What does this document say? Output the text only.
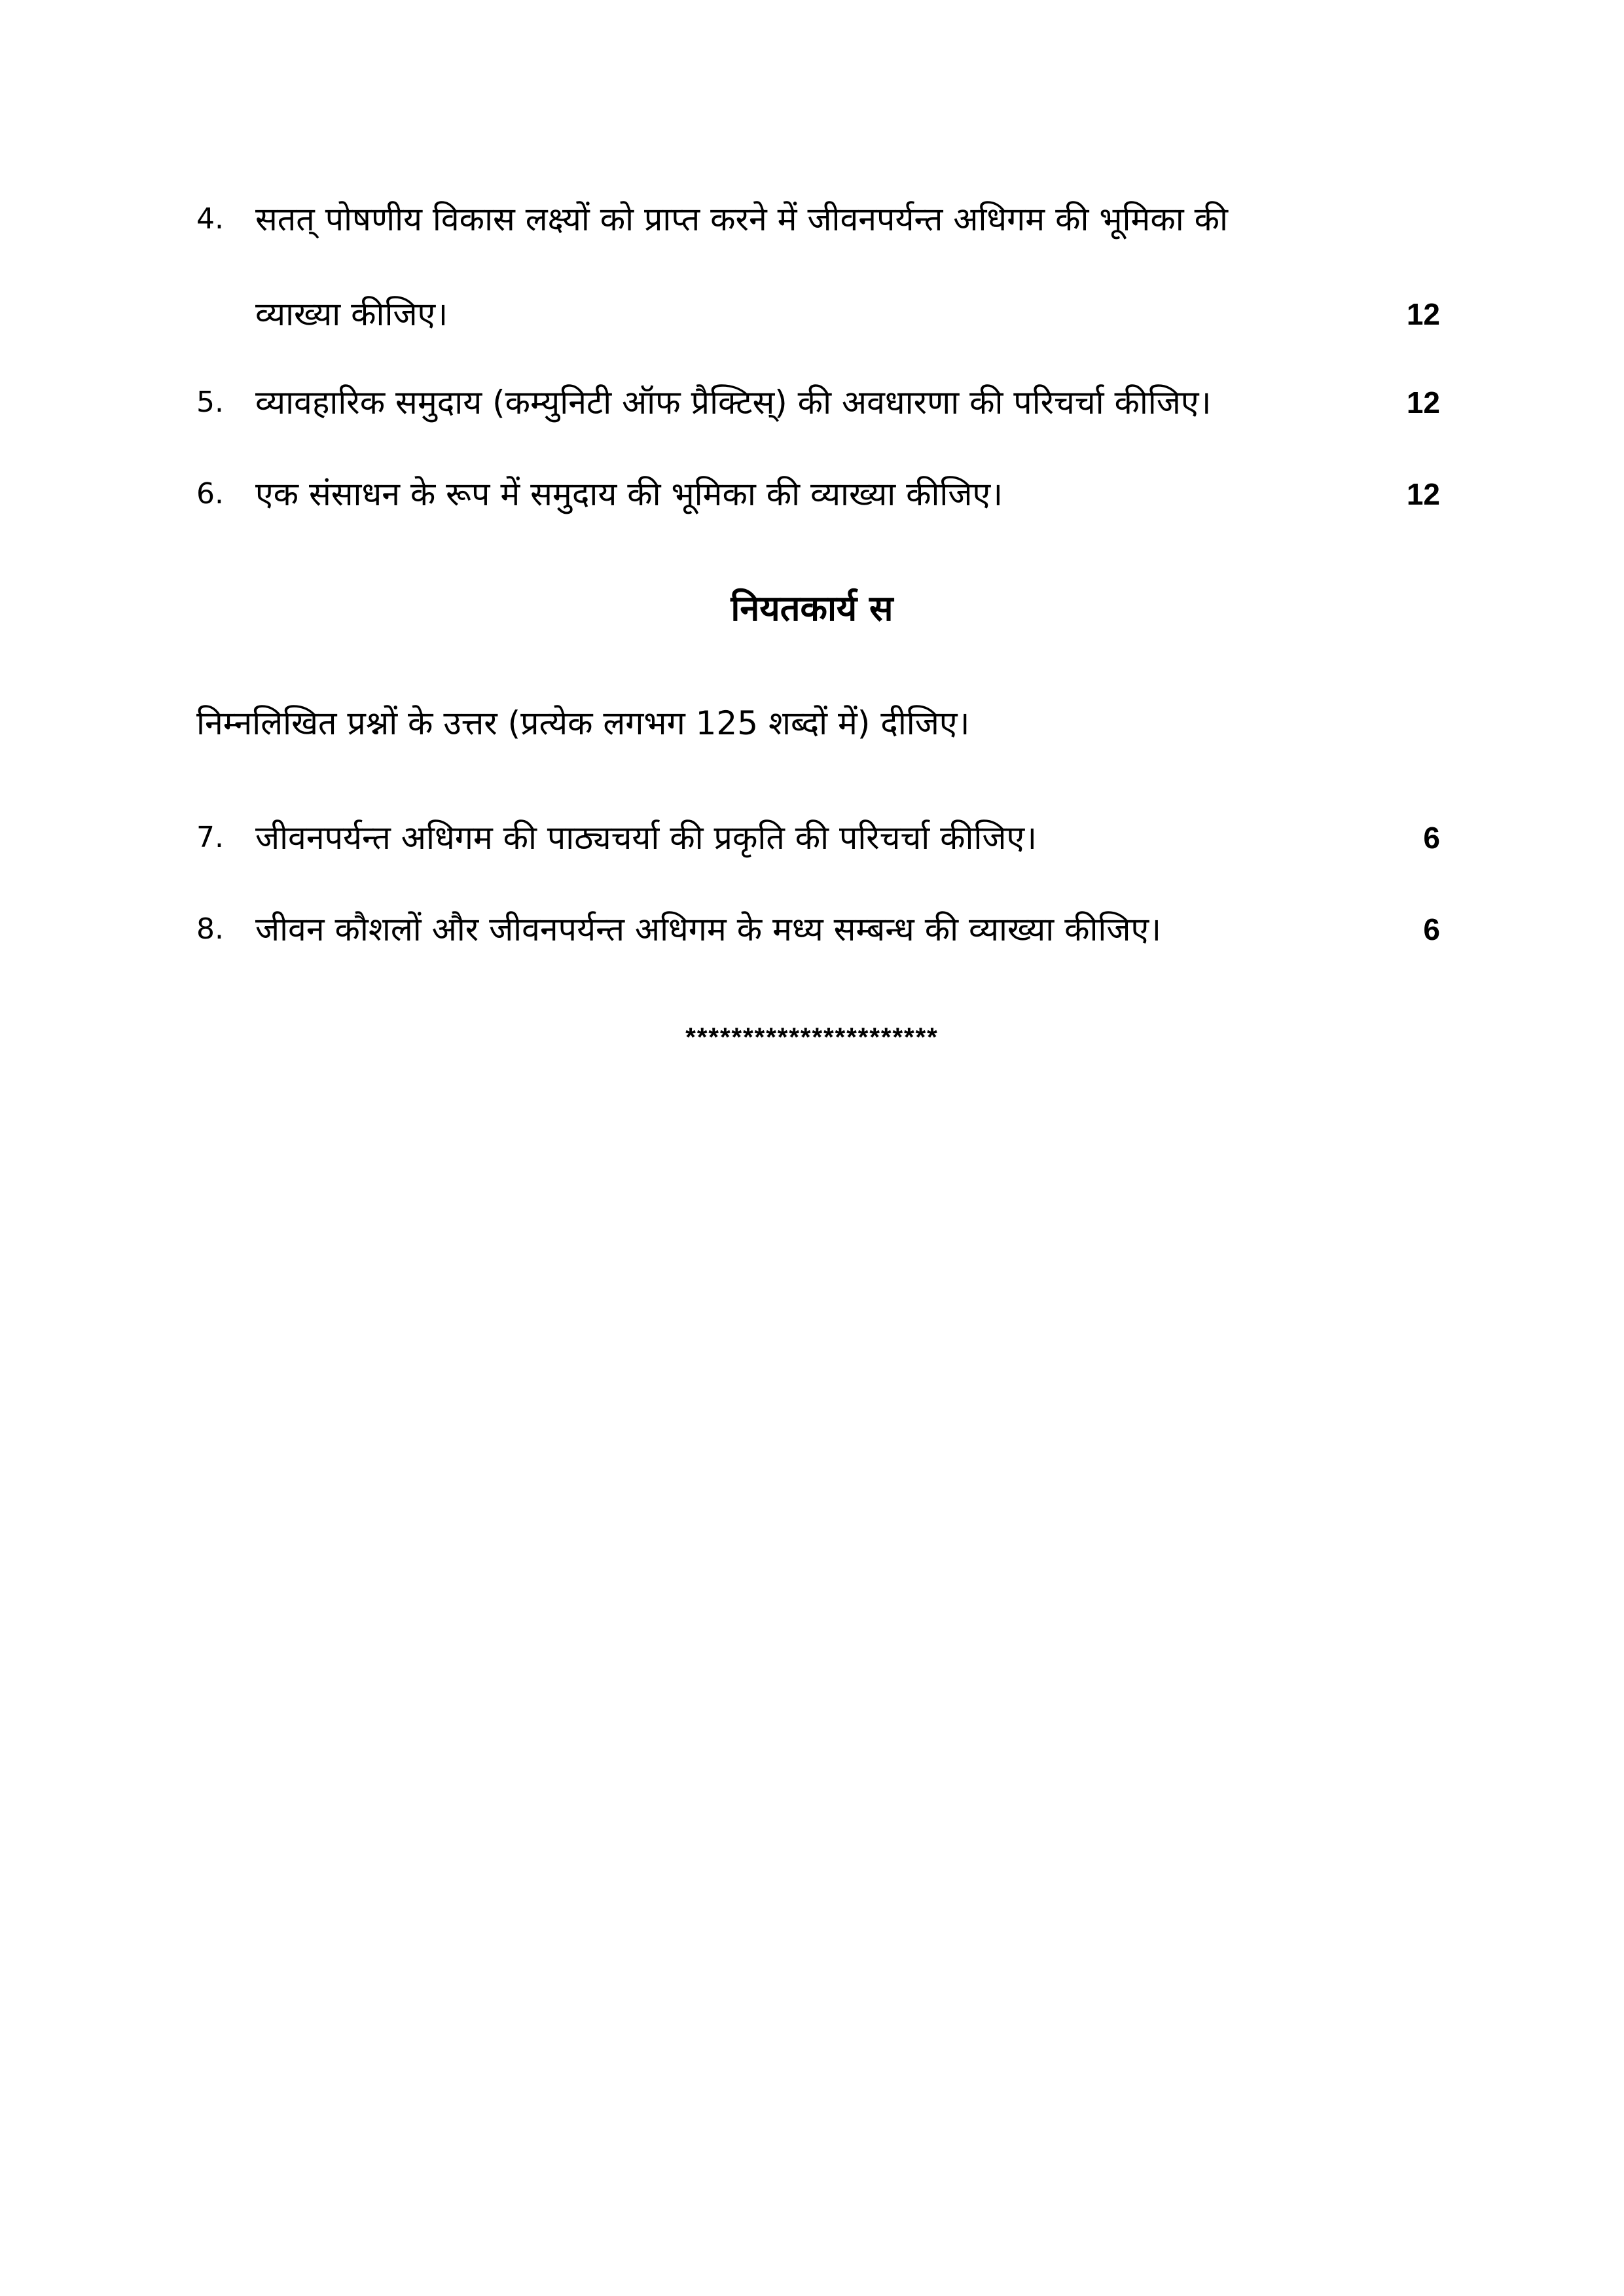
4. सतत् पोषणीय विकास लक्ष्यों को प्राप्त करने में जीवनपर्यन्त अधिगम की भूमिका की
व्याख्या कीजिए।	12
5. व्यावहारिक समुदाय (कम्युनिटी ऑफ प्रैक्टिस्) की अवधारणा की परिचर्चा कीजिए।	12
6. एक संसाधन के रूप में समुदाय की भूमिका की व्याख्या कीजिए।	12
नियतकार्य स
निम्नलिखित प्रश्नों के उत्तर (प्रत्येक लगभग 125 शब्दों में) दीजिए।
7. जीवनपर्यन्त अधिगम की पाठ्यचर्या की प्रकृति की परिचर्चा कीजिए।	6
8. जीवन कौशलों और जीवनपर्यन्त अधिगम के मध्य सम्बन्ध की व्याख्या कीजिए।	6
**********************
